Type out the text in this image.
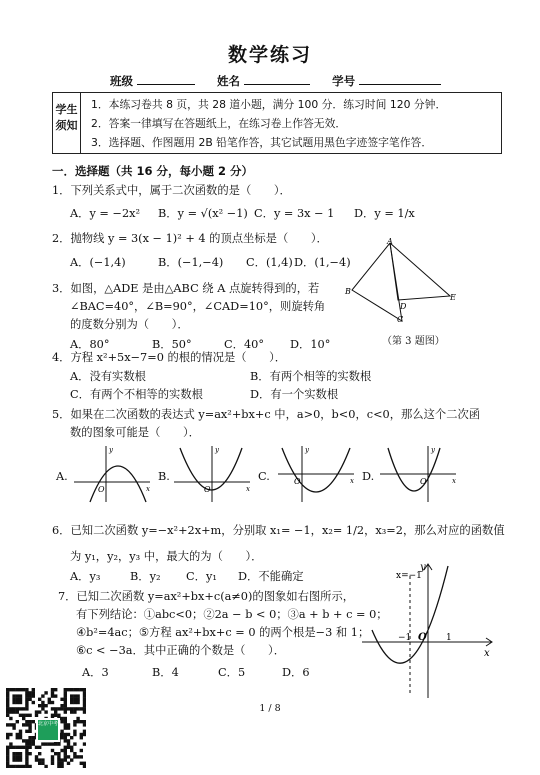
数学练习
班级	姓名	学号
学生须知
1．本练习卷共 8 页，共 28 道小题，满分 100 分．练习时间 120 分钟．
2．答案一律填写在答题纸上，在练习卷上作答无效．
3．选择题、作图题用 2B 铅笔作答，其它试题用黑色字迹签字笔作答．
一．选择题（共 16 分，每小题 2 分）
1．下列关系式中，属于二次函数的是（　　）．
A．y = −2x² B．y = √(x² −1) C．y = 3x − 1 D．y = 1/x
2．抛物线 y = 3(x − 1)² + 4 的顶点坐标是（　　）．
A．(−1,4)	B．(−1,−4) C．(1,4) D．(1,−4)
3．如图，△ADE 是由△ABC 绕 A 点旋转得到的，若
∠BAC=40°，∠B=90°，∠CAD=10°，则旋转角
的度数分别为（　　）．
A．80°	B．50°	C．40° D．10°
A
B
D
E
C
（第 3 题图）
4．方程 x²+5x−7=0 的根的情况是（　　）．
A．没有实数根	B．有两个相等的实数根
C．有两个不相等的实数根	D．有一个实数根
5．如果在二次函数的表达式 y=ax²+bx+c 中，a>0，b<0，c<0，那么这个二次函
数的图象可能是（　　）．
A.
O	x
y
B.
O	x
y
C.	O	x
y
D.	O	x
y
6．已知二次函数 y=−x²+2x+m，分别取 x₁= −1，x₂= 1/2，x₃=2，那么对应的函数值
为 y₁，y₂，y₃ 中，最大的为（　　）．
A．y₃	B．y₂ C．y₁ D．不能确定
7．已知二次函数 y=ax²+bx+c(a≠0)的图象如右图所示，
有下列结论：①abc<0；②2a − b < 0；③a + b + c = 0；
④b²=4ac；⑤方程 ax²+bx+c = 0 的两个根是−3 和 1；
⑥c < −3a．其中正确的个数是（　　）．
A．3	B．4	C．5	D．6
x=−1
−1 O 1
x
y
北京中考
1 / 8
